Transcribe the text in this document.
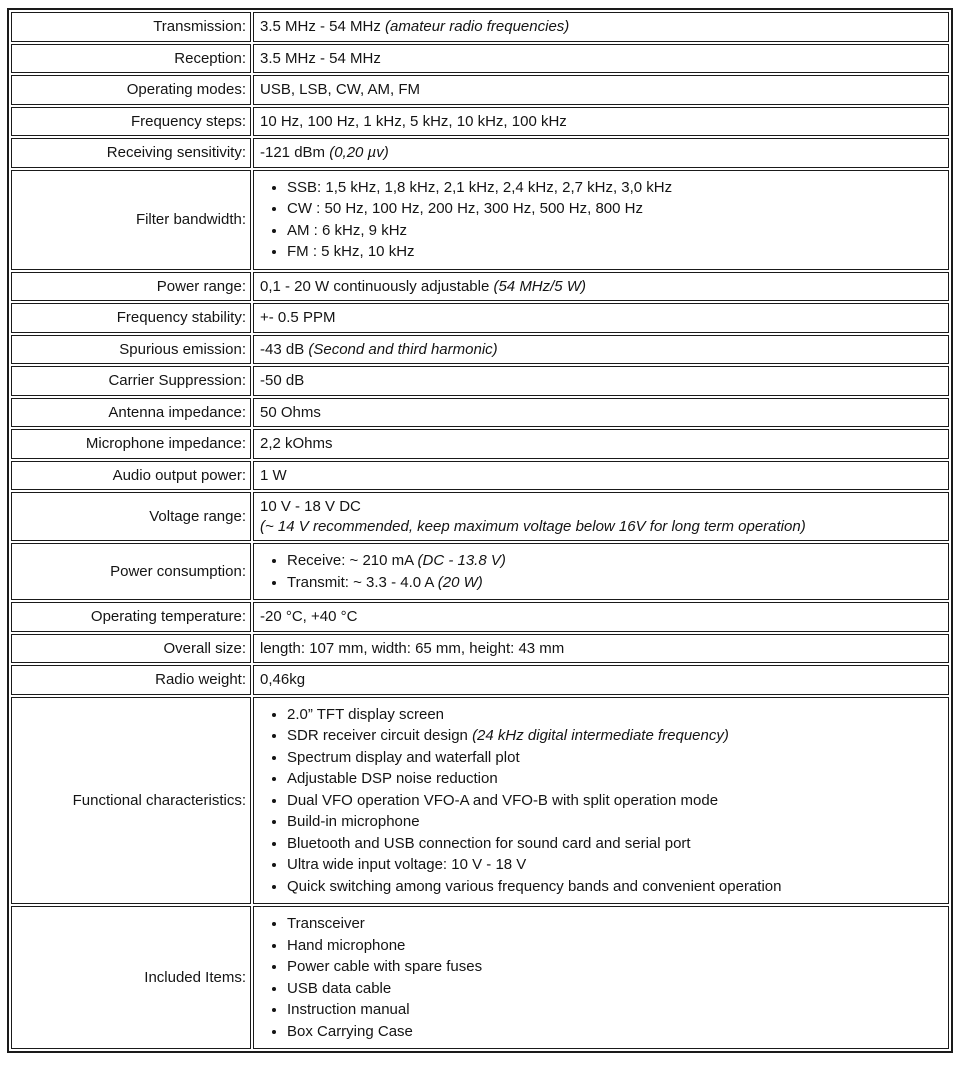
Transmission:	3.5 MHz - 54 MHz (amateur radio frequencies)
Reception:	3.5 MHz - 54 MHz
Operating modes:	USB, LSB, CW, AM, FM
Frequency steps:	10 Hz, 100 Hz, 1 kHz, 5 kHz, 10 kHz, 100 kHz
Receiving sensitivity:	-121 dBm (0,20 µv)
Filter bandwidth:	
• SSB: 1,5 kHz, 1,8 kHz, 2,1 kHz, 2,4 kHz, 2,7 kHz, 3,0 kHz
• CW : 50 Hz, 100 Hz, 200 Hz, 300 Hz, 500 Hz, 800 Hz
• AM : 6 kHz, 9 kHz
• FM : 5 kHz, 10 kHz

Power range:	0,1 - 20 W continuously adjustable (54 MHz/5 W)
Frequency stability:	+- 0.5 PPM
Spurious emission:	-43 dB (Second and third harmonic)
Carrier Suppression:	-50 dB
Antenna impedance:	50 Ohms
Microphone impedance:	2,2 kOhms
Audio output power:	1 W
Voltage range:	10 V - 18 V DC
(~ 14 V recommended, keep maximum voltage below 16V for long term operation)

Power consumption:	
• Receive: ~ 210 mA (DC - 13.8 V)
• Transmit: ~ 3.3 - 4.0 A (20 W)

Operating temperature:	-20 °C, +40 °C
Overall size:	length: 107 mm, width: 65 mm, height: 43 mm
Radio weight:	0,46kg
Functional characteristics:	
• 2.0” TFT display screen
• SDR receiver circuit design (24 kHz digital intermediate frequency)
• Spectrum display and waterfall plot
• Adjustable DSP noise reduction
• Dual VFO operation VFO-A and VFO-B with split operation mode
• Build-in microphone
• Bluetooth and USB connection for sound card and serial port
• Ultra wide input voltage: 10 V - 18 V
• Quick switching among various frequency bands and convenient operation

Included Items:	
• Transceiver
• Hand microphone
• Power cable with spare fuses
• USB data cable
• Instruction manual
• Box Carrying Case
